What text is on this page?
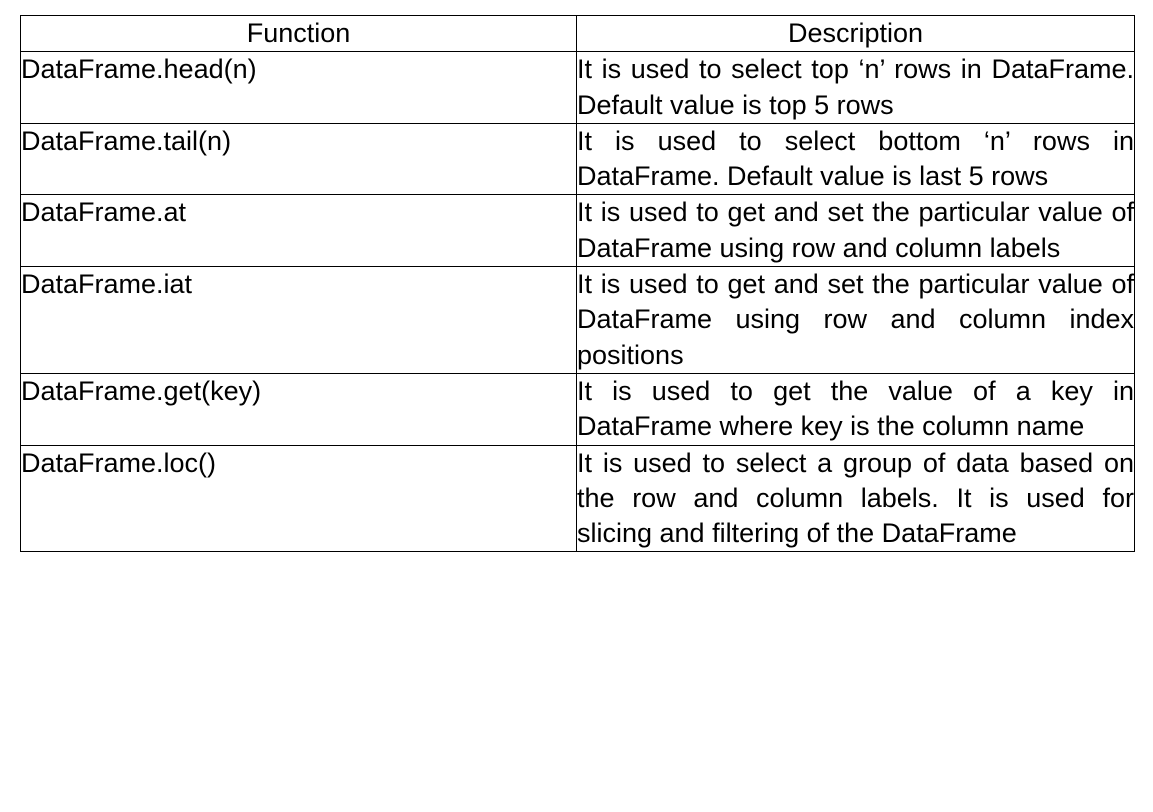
Function	Description
DataFrame.head(n)	It is used to select top ‘n’ rows in DataFrame. Default value is top 5 rows
DataFrame.tail(n)	It is used to select bottom ‘n’ rows in DataFrame. Default value is last 5 rows
DataFrame.at	It is used to get and set the particular value of DataFrame using row and column labels
DataFrame.iat	It is used to get and set the particular value of DataFrame using row and column index positions
DataFrame.get(key)	It is used to get the value of a key in DataFrame where key is the column name
DataFrame.loc()	It is used to select a group of data based on the row and column labels. It is used for slicing and filtering of the DataFrame
